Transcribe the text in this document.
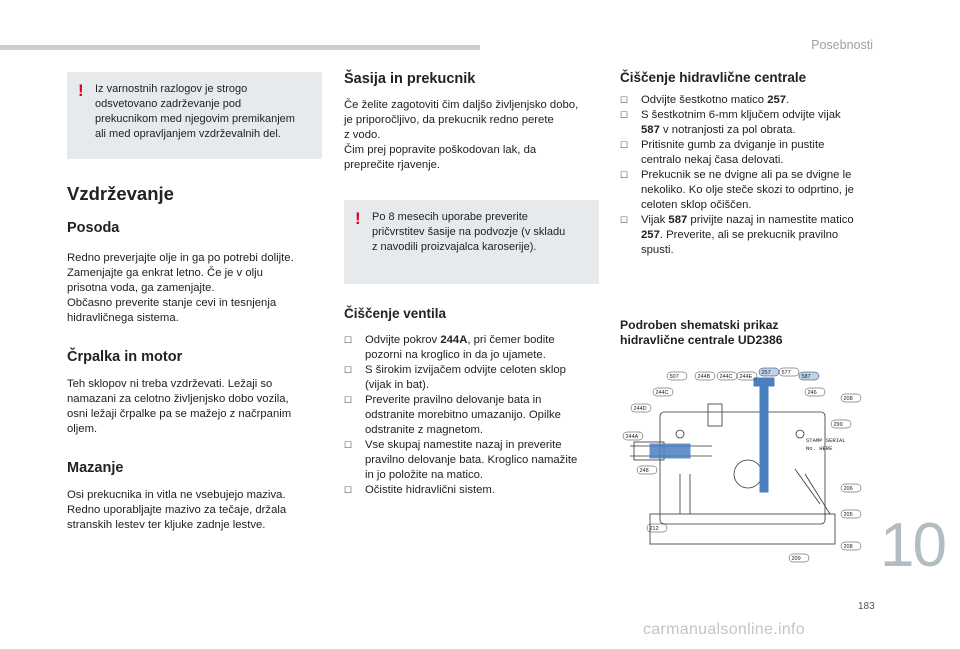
Posebnosti
! Iz varnostnih razlogov je strogo
odsvetovano zadrževanje pod
prekucnikom med njegovim premikanjem
ali med opravljanjem vzdrževalnih del.

Vzdrževanje
Posoda

Redno preverjajte olje in ga po potrebi dolijte.
Zamenjajte ga enkrat letno. Če je v olju
prisotna voda, ga zamenjajte.
Občasno preverite stanje cevi in tesnjenja
hidravličnega sistema.

Črpalka in motor

Teh sklopov ni treba vzdrževati. Ležaji so
namazani za celotno življenjsko dobo vozila,
osni ležaji črpalke pa se mažejo z načrpanim
oljem.

Mazanje

Osi prekucnika in vitla ne vsebujejo maziva.
Redno uporabljajte mazivo za tečaje, držala
stranskih lestev ter kljuke zadnje lestve.

Šasija in prekucnik

Če želite zagotoviti čim daljšo življenjsko dobo,
je priporočljivo, da prekucnik redno perete
z vodo.
Čim prej popravite poškodovan lak, da
preprečite rjavenje.

! Po 8 mesecih uporabe preverite
pričvrstitev šasije na podvozje (v skladu
z navodili proizvajalca karoserije).

Čiščenje ventila
☐ Odvijte pokrov 244A, pri čemer bodite
pozorni na kroglico in da jo ujamete.
☐ S širokim izvijačem odvijte celoten sklop
(vijak in bat).
☐ Preverite pravilno delovanje bata in
odstranite morebitno umazanijo. Opilke
odstranite z magnetom.
☐ Vse skupaj namestite nazaj in preverite
pravilno delovanje bata. Kroglico namažite
in jo položite na matico.
☐ Očistite hidravlični sistem.
Čiščenje hidravlične centrale
☐ Odvijte šestkotno matico 257.
☐ S šestkotnim 6-mm ključem odvijte vijak
587 v notranjosti za pol obrata.
☐ Pritisnite gumb za dviganje in pustite
centralo nekaj časa delovati.
☐ Prekucnik se ne dvigne ali pa se dvigne le
nekoliko. Ko olje steče skozi to odprtino, je
celoten sklop očiščen.
☐ Vijak 587 privijte nazaj in namestite matico
257. Preverite, ali se prekucnik pravilno
spusti.
Podroben shematski prikaz
hidravlične centrale UD2386
507	244B 244C 244E
257 577
587
244C	246
244D
208
299
244A
248
206
212
205
209
208
STAMP SERIAL
No. HERE
10
183
carmanualsonline.info
